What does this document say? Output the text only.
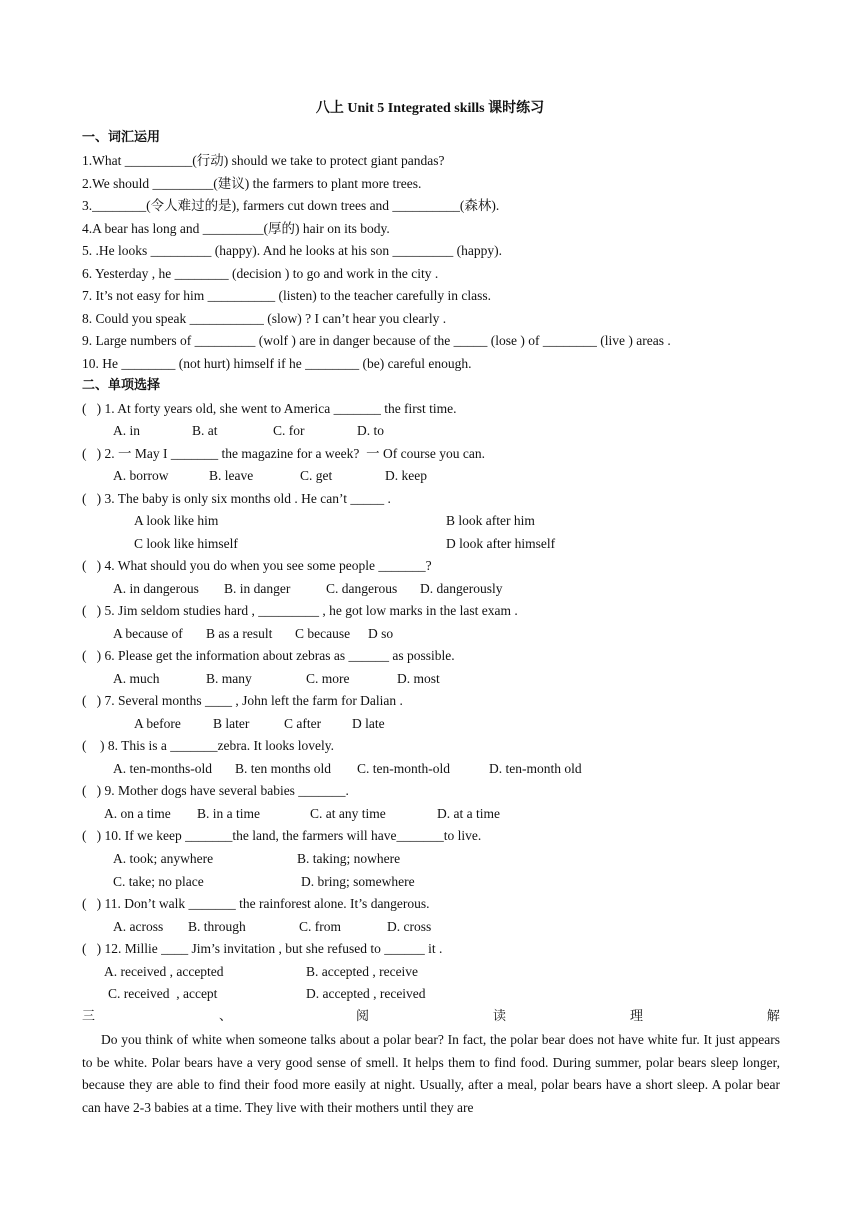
八上 Unit 5 Integrated skills 课时练习
一、词汇运用
1.What __________(行动) should we take to protect giant pandas?
2.We should _________(建议) the farmers to plant more trees.
3.________(令人难过的是), farmers cut down trees and __________(森林).
4.A bear has long and _________(厚的) hair on its body.
5. .He looks _________ (happy). And he looks at his son _________ (happy).
6. Yesterday , he ________ (decision ) to go and work in the city .
7. It’s not easy for him __________ (listen) to the teacher carefully in class.
8. Could you speak ___________ (slow) ? I can’t hear you clearly .
9. Large numbers of _________ (wolf ) are in danger because of the _____ (lose ) of ________ (live ) areas .
10. He ________ (not hurt) himself if he ________ (be) careful enough.
二、单项选择
(   ) 1. At forty years old, she went to America _______ the first time.
A. in	B. at	C. for	D. to
(   ) 2. 一 May I _______ the magazine for a week?  一 Of course you can.
A. borrow	B. leave	C. get	D. keep
(   ) 3. The baby is only six months old . He can’t _____ .
A look like him	B look after him
C look like himself	D look after himself
(   ) 4. What should you do when you see some people _______?
A. in dangerous B. in danger	C. dangerous D. dangerously
(   ) 5. Jim seldom studies hard , _________ , he got low marks in the last exam .
A because of B as a result C because D so
(   ) 6. Please get the information about zebras as ______ as possible.
A. much	B. many	C. more	D. most
(   ) 7. Several months ____ , John left the farm for Dalian .
A before B later	C after D late
(    ) 8. This is a _______zebra. It looks lovely.
A. ten-months-old B. ten months old C. ten-month-old	D. ten-month old
(   ) 9. Mother dogs have several babies _______.
A. on a time B. in a time	C. at any time	D. at a time
(   ) 10. If we keep _______the land, the farmers will have_______to live.
A. took; anywhere	B. taking; nowhere
C. take; no place	D. bring; somewhere
(   ) 11. Don’t walk _______ the rainforest alone. It’s dangerous.
A. across B. through	C. from	D. cross
(   ) 12. Millie ____ Jim’s invitation , but she refused to ______ it .
A. received , accepted	B. accepted , receive
C. received  , accept	D. accepted , received
三	、	阅	读	理	解
Do you think of white when someone talks about a polar bear? In fact, the polar bear does not have white fur. It just appears to be white. Polar bears have a very good sense of smell. It helps them to find food. During summer, polar bears sleep longer, because they are able to find their food more easily at night. Usually, after a meal, polar bears have a short sleep. A polar bear can have 2-3 babies at a time. They live with their mothers until they are
